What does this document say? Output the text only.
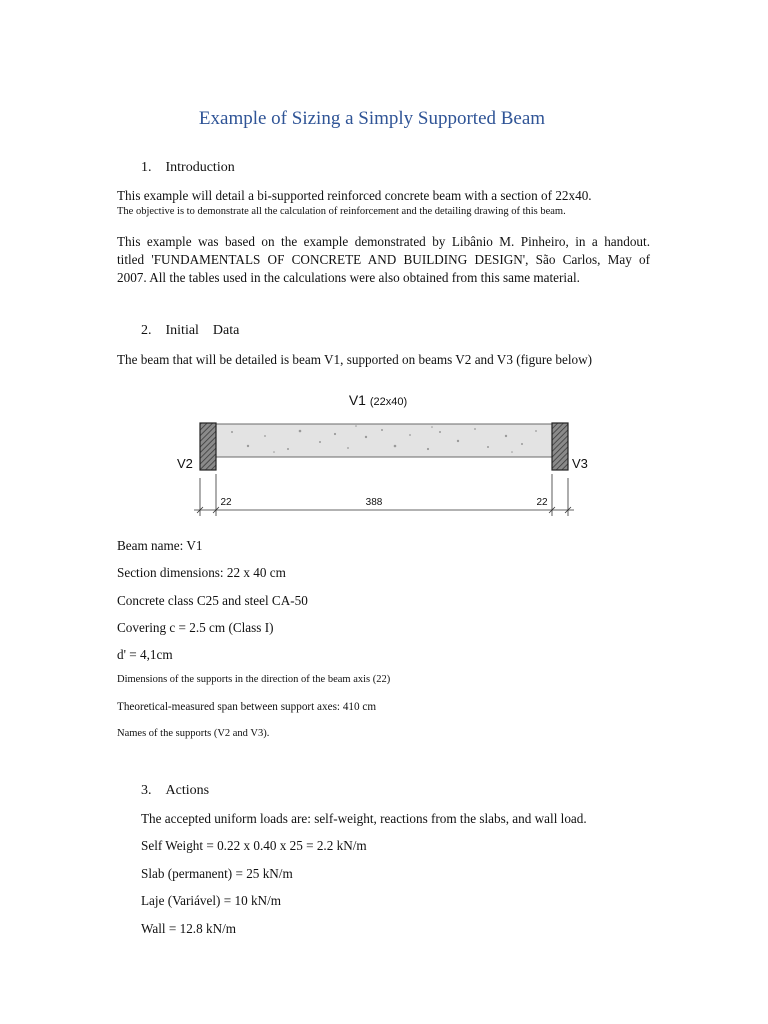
Example of Sizing a Simply Supported Beam
1.    Introduction
This example will detail a bi-supported reinforced concrete beam with a section of 22x40.
The objective is to demonstrate all the calculation of reinforcement and the detailing drawing of this beam.
This example was based on the example demonstrated by Libânio M. Pinheiro, in a handout.
titled 'FUNDAMENTALS OF CONCRETE AND BUILDING DESIGN', São Carlos, May of
2007. All the tables used in the calculations were also obtained from this same material.
2.    Initial    Data
The beam that will be detailed is beam V1, supported on beams V2 and V3 (figure below)
V1 (22x40)
V2	V3
22	388	22
Beam name: V1
Section dimensions: 22 x 40 cm
Concrete class C25 and steel CA-50
Covering c = 2.5 cm (Class I)
d' = 4,1cm
Dimensions of the supports in the direction of the beam axis (22)
Theoretical-measured span between support axes: 410 cm
Names of the supports (V2 and V3).
3.    Actions
The accepted uniform loads are: self-weight, reactions from the slabs, and wall load.
Self Weight = 0.22 x 0.40 x 25 = 2.2 kN/m
Slab (permanent) = 25 kN/m
Laje (Variável) = 10 kN/m
Wall = 12.8 kN/m
